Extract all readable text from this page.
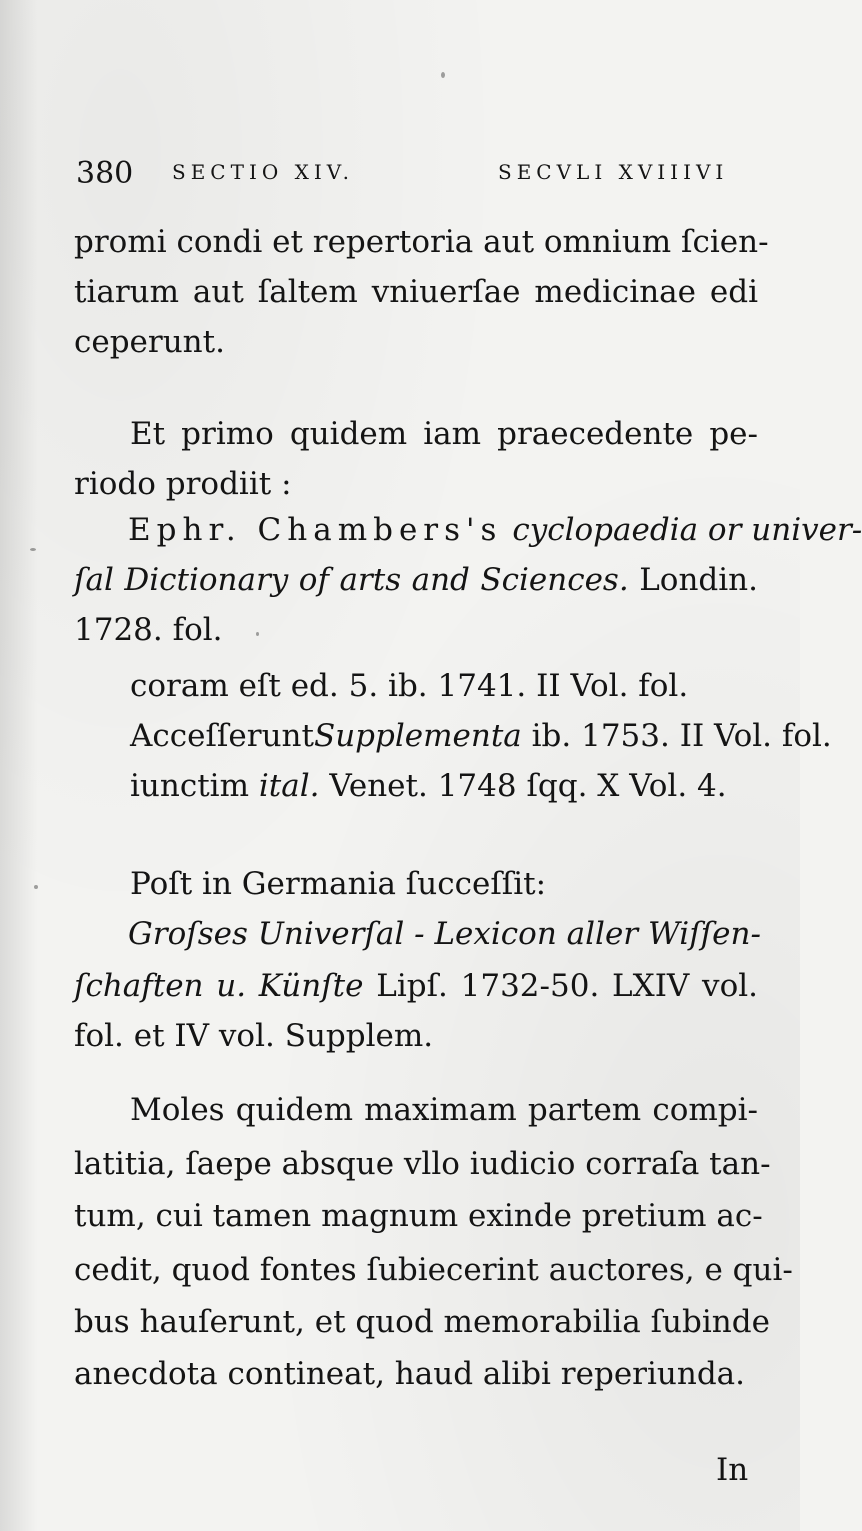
380 SECTIO XIV.	SECVLI XVIIIVI
promi condi et repertoria aut omnium ſcien-
tiarum aut ſaltem vniuerſae medicinae edi
ceperunt.
Et primo quidem iam praecedente pe-
riodo prodiit :
Ephr. Chambers's cyclopaedia or univer-
ſal Dictionary of arts and Sciences. Londin.
1728. fol.
coram eſt ed. 5. ib. 1741. II Vol. fol.
AcceſſeruntSupplementa ib. 1753. II Vol. fol.
iunctim ital. Venet. 1748 ſqq. X Vol. 4.
Poſt in Germania ſucceſſit:
Groſses Univerſal - Lexicon aller Wiſſen-
ſchaften u. Künſte Lipſ. 1732-50. LXIV vol.
fol. et IV vol. Supplem.
Moles quidem maximam partem compi-
latitia, ſaepe absque vllo iudicio corraſa tan-
tum, cui tamen magnum exinde pretium ac-
cedit, quod fontes ſubiecerint auctores, e qui-
bus hauſerunt, et quod memorabilia ſubinde
anecdota contineat, haud alibi reperiunda.
In
